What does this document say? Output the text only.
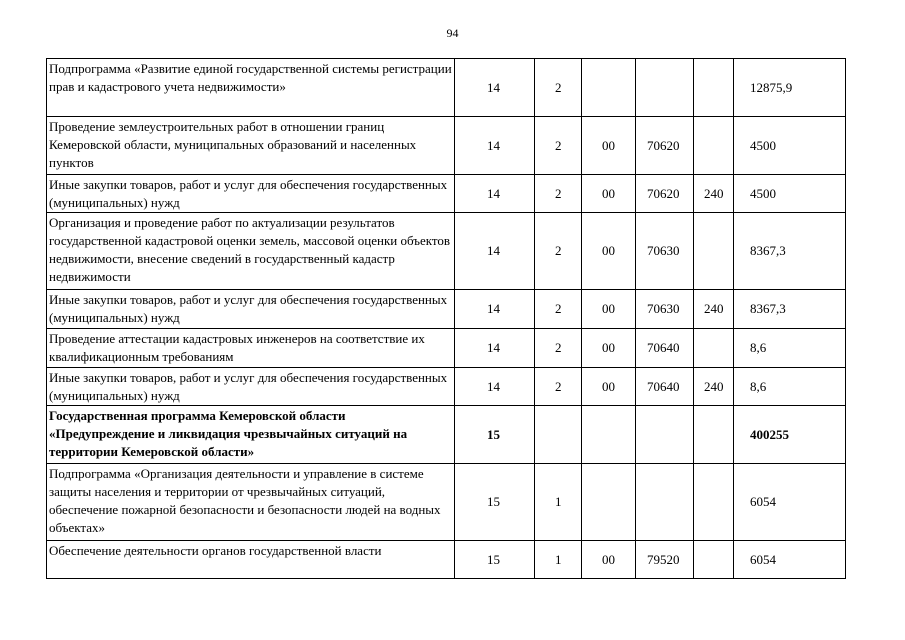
94
Подпрограмма «Развитие единой государственной системы регистрации прав и кадастрового учета недвижимости»	14	2				12875,9
Проведение землеустроительных работ в отношении границ Кемеровской области, муниципальных образований и населенных пунктов	14	2	00	70620		4500
Иные закупки товаров, работ и услуг для обеспечения государственных (муниципальных) нужд	14	2	00	70620	240	4500
Организация и проведение работ по актуализации результатов государственной кадастровой оценки земель, массовой оценки объектов недвижимости, внесение сведений в государственный кадастр недвижимости	14	2	00	70630		8367,3
Иные закупки товаров, работ и услуг для обеспечения государственных (муниципальных) нужд	14	2	00	70630	240	8367,3
Проведение аттестации кадастровых инженеров на соответствие их квалификационным требованиям	14	2	00	70640		8,6
Иные закупки товаров, работ и услуг для обеспечения государственных (муниципальных) нужд	14	2	00	70640	240	8,6
Государственная программа Кемеровской области «Предупреждение и ликвидация чрезвычайных ситуаций на территории Кемеровской области»	15					400255
Подпрограмма «Организация деятельности и управление в системе защиты населения и территории от чрезвычайных ситуаций, обеспечение пожарной безопасности и безопасности людей на водных объектах»	15	1				6054
Обеспечение деятельности органов государственной власти	15	1	00	79520		6054
